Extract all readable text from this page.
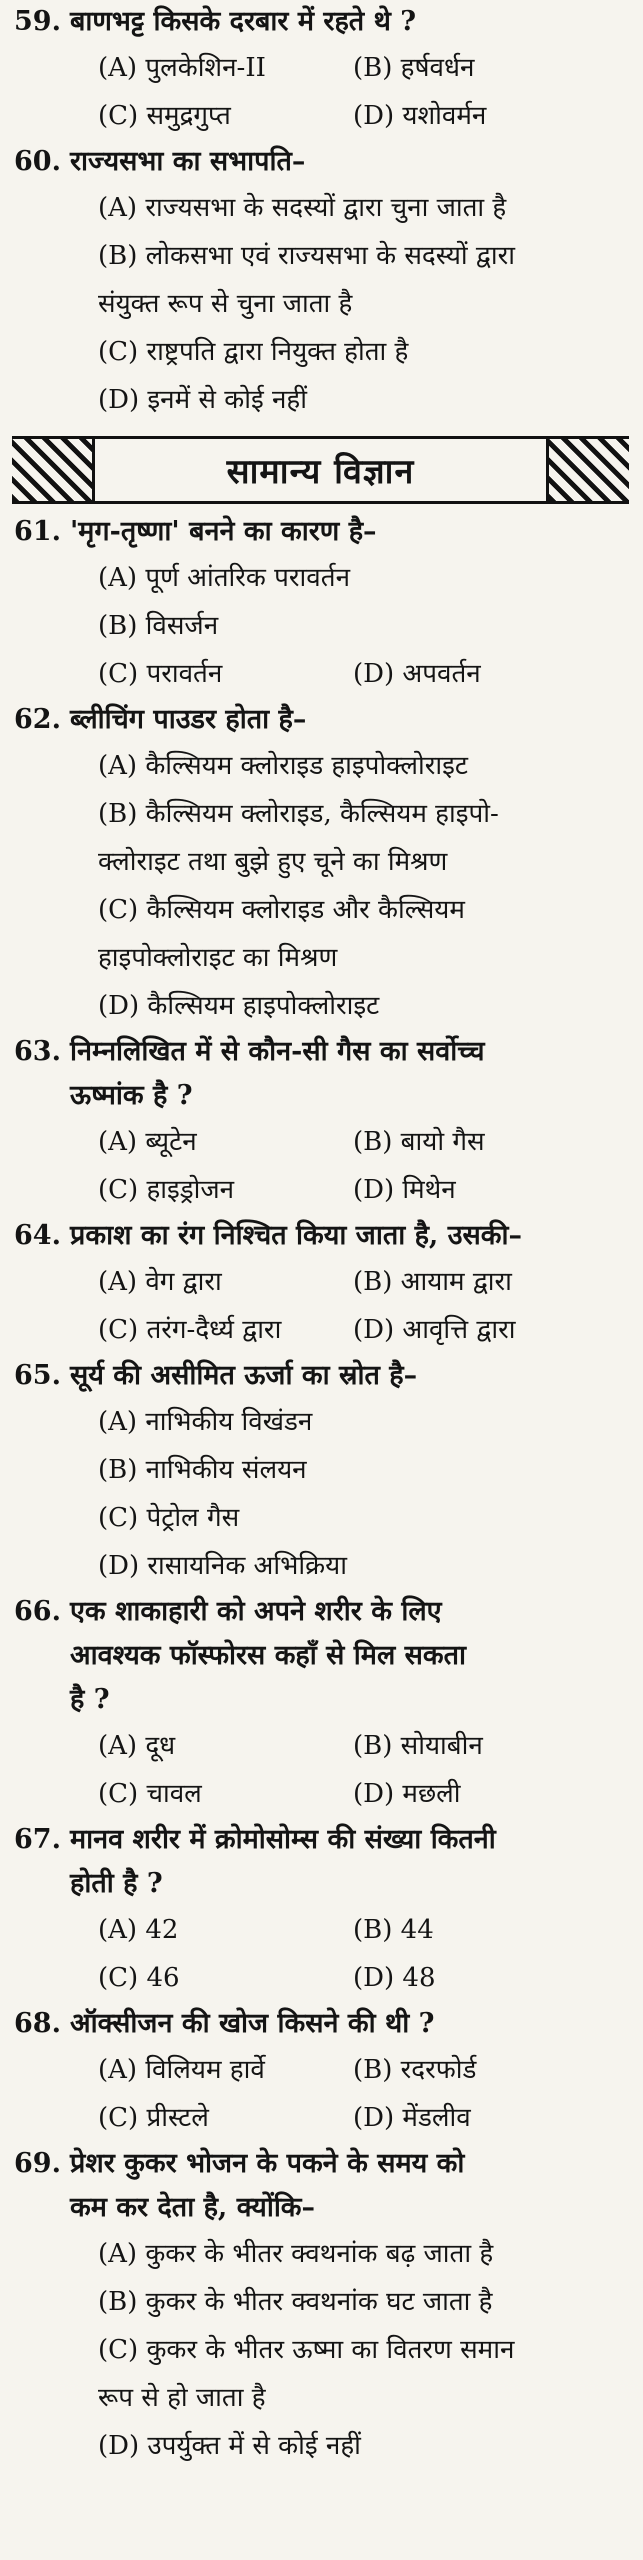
59. बाणभट्ट किसके दरबार में रहते थे ?
(A) पुलकेशिन-II	(B) हर्षवर्धन
(C) समुद्रगुप्त	(D) यशोवर्मन
60. राज्यसभा का सभापति–
(A) राज्यसभा के सदस्यों द्वारा चुना जाता है
(B) लोकसभा एवं राज्यसभा के सदस्यों द्वारा
संयुक्त रूप से चुना जाता है
(C) राष्ट्रपति द्वारा नियुक्त होता है
(D) इनमें से कोई नहीं
सामान्य विज्ञान
61. 'मृग-तृष्णा' बनने का कारण है–
(A) पूर्ण आंतरिक परावर्तन
(B) विसर्जन
(C) परावर्तन	(D) अपवर्तन
62. ब्लीचिंग पाउडर होता है–
(A) कैल्सियम क्लोराइड हाइपोक्लोराइट
(B) कैल्सियम क्लोराइड, कैल्सियम हाइपो-
क्लोराइट तथा बुझे हुए चूने का मिश्रण
(C) कैल्सियम क्लोराइड और कैल्सियम
हाइपोक्लोराइट का मिश्रण
(D) कैल्सियम हाइपोक्लोराइट
63. निम्नलिखित में से कौन-सी गैस का सर्वोच्च
ऊष्मांक है ?
(A) ब्यूटेन	(B) बायो गैस
(C) हाइड्रोजन	(D) मिथेन
64. प्रकाश का रंग निश्चित किया जाता है, उसकी–
(A) वेग द्वारा	(B) आयाम द्वारा
(C) तरंग-दैर्ध्य द्वारा	(D) आवृत्ति द्वारा
65. सूर्य की असीमित ऊर्जा का स्रोत है–
(A) नाभिकीय विखंडन
(B) नाभिकीय संलयन
(C) पेट्रोल गैस
(D) रासायनिक अभिक्रिया
66. एक शाकाहारी को अपने शरीर के लिए
आवश्यक फॉस्फोरस कहाँ से मिल सकता
है ?
(A) दूध	(B) सोयाबीन
(C) चावल	(D) मछली
67. मानव शरीर में क्रोमोसोम्स की संख्या कितनी
होती है ?
(A) 42	(B) 44
(C) 46	(D) 48
68. ऑक्सीजन की खोज किसने की थी ?
(A) विलियम हार्वे	(B) रदरफोर्ड
(C) प्रीस्टले	(D) मेंडलीव
69. प्रेशर कुकर भोजन के पकने के समय को
कम कर देता है, क्योंकि–
(A) कुकर के भीतर क्वथनांक बढ़ जाता है
(B) कुकर के भीतर क्वथनांक घट जाता है
(C) कुकर के भीतर ऊष्मा का वितरण समान
रूप से हो जाता है
(D) उपर्युक्त में से कोई नहीं
